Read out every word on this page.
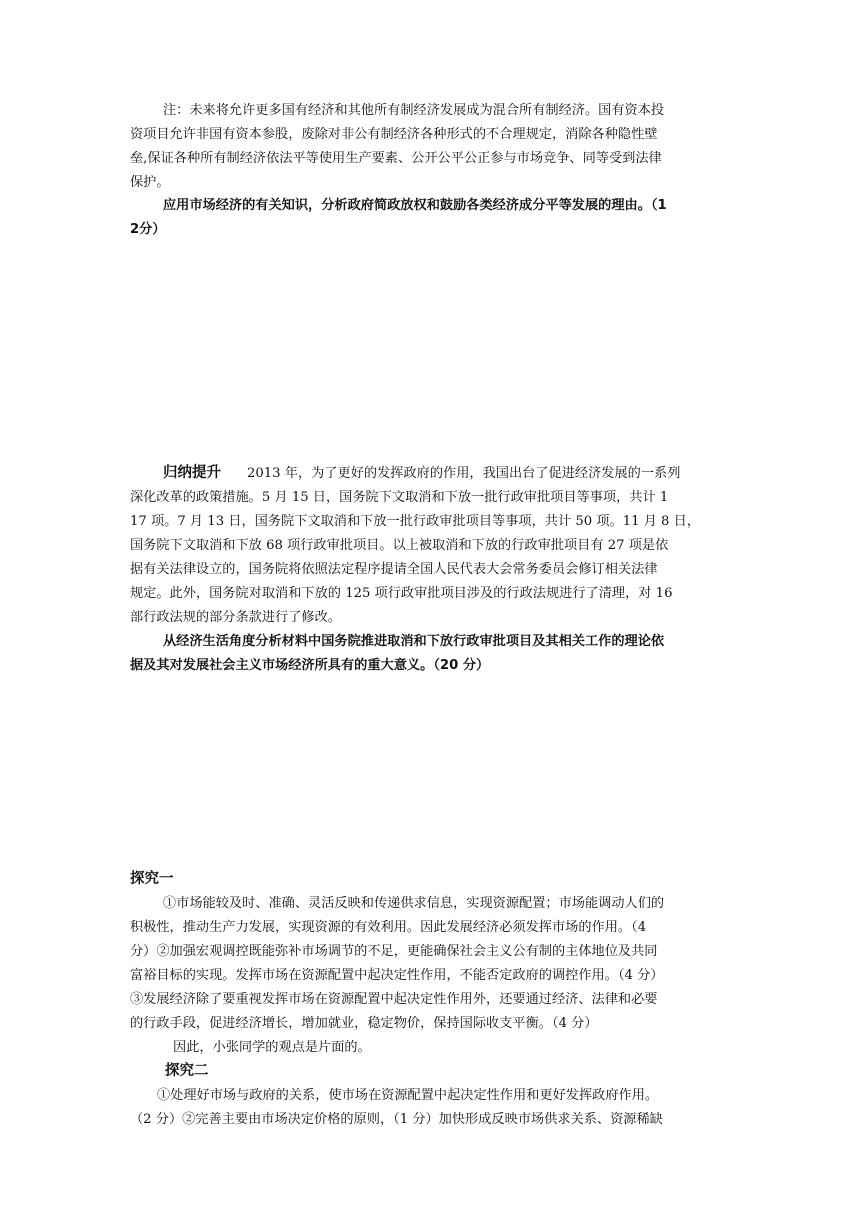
注：未来将允许更多国有经济和其他所有制经济发展成为混合所有制经济。国有资本投
资项目允许非国有资本参股，废除对非公有制经济各种形式的不合理规定，消除各种隐性壁
垒,保证各种所有制经济依法平等使用生产要素、公开公平公正参与市场竞争、同等受到法律
保护。
应用市场经济的有关知识，分析政府简政放权和鼓励各类经济成分平等发展的理由。（1
2分）
归纳提升 2013 年，为了更好的发挥政府的作用，我国出台了促进经济发展的一系列
深化改革的政策措施。5 月 15 日，国务院下文取消和下放一批行政审批项目等事项，共计 1
17 项。7 月 13 日，国务院下文取消和下放一批行政审批项目等事项，共计 50 项。11 月 8 日，
国务院下文取消和下放 68 项行政审批项目。以上被取消和下放的行政审批项目有 27 项是依
据有关法律设立的，国务院将依照法定程序提请全国人民代表大会常务委员会修订相关法律
规定。此外，国务院对取消和下放的 125 项行政审批项目涉及的行政法规进行了清理，对 16
部行政法规的部分条款进行了修改。
从经济生活角度分析材料中国务院推进取消和下放行政审批项目及其相关工作的理论依
据及其对发展社会主义市场经济所具有的重大意义。（20 分）
探究一
①市场能较及时、准确、灵活反映和传递供求信息，实现资源配置；市场能调动人们的
积极性，推动生产力发展，实现资源的有效利用。因此发展经济必须发挥市场的作用。（4
分）②加强宏观调控既能弥补市场调节的不足，更能确保社会主义公有制的主体地位及共同
富裕目标的实现。发挥市场在资源配置中起决定性作用，不能否定政府的调控作用。（4 分）
③发展经济除了要重视发挥市场在资源配置中起决定性作用外，还要通过经济、法律和必要
的行政手段，促进经济增长，增加就业，稳定物价，保持国际收支平衡。（4 分）
因此，小张同学的观点是片面的。
探究二
①处理好市场与政府的关系，使市场在资源配置中起决定性作用和更好发挥政府作用。
（2 分）②完善主要由市场决定价格的原则，（1 分）加快形成反映市场供求关系、资源稀缺
